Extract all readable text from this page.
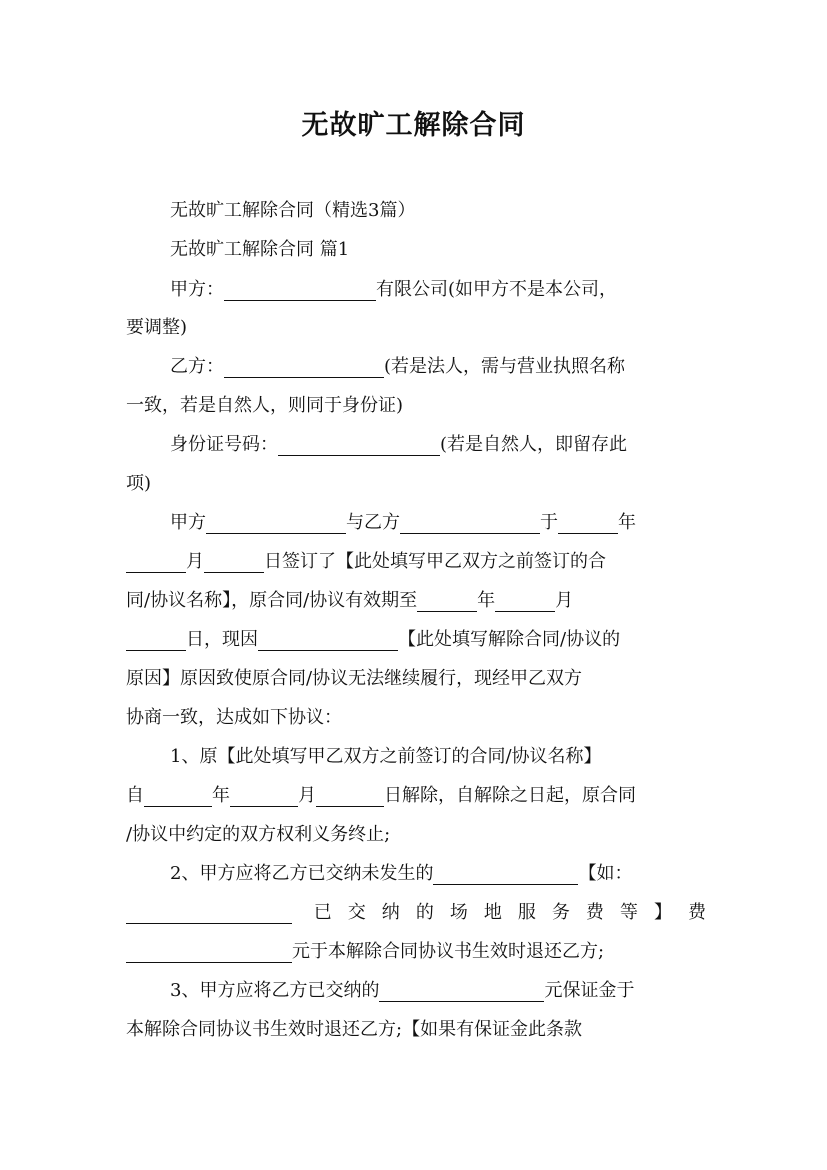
无故旷工解除合同
无故旷工解除合同（精选3篇）
无故旷工解除合同 篇1
甲方：	有限公司(如甲方不是本公司，
要调整)
乙方：	(若是法人，需与营业执照名称
一致，若是自然人，则同于身份证)
身份证号码：	(若是自然人，即留存此
项)
甲方	与乙方	于	年
月	日签订了【此处填写甲乙双方之前签订的合
同/协议名称】，原合同/协议有效期至	年	月
日，现因	【此处填写解除合同/协议的
原因】原因致使原合同/协议无法继续履行，现经甲乙双方
协商一致，达成如下协议：
1、原【此处填写甲乙双方之前签订的合同/协议名称】
自	年	月	日解除，自解除之日起，原合同
/协议中约定的双方权利义务终止;
2、甲方应将乙方已交纳未发生的	【如：
已交纳的场地服务费等】费
元于本解除合同协议书生效时退还乙方;
3、甲方应将乙方已交纳的	元保证金于
本解除合同协议书生效时退还乙方;【如果有保证金此条款
